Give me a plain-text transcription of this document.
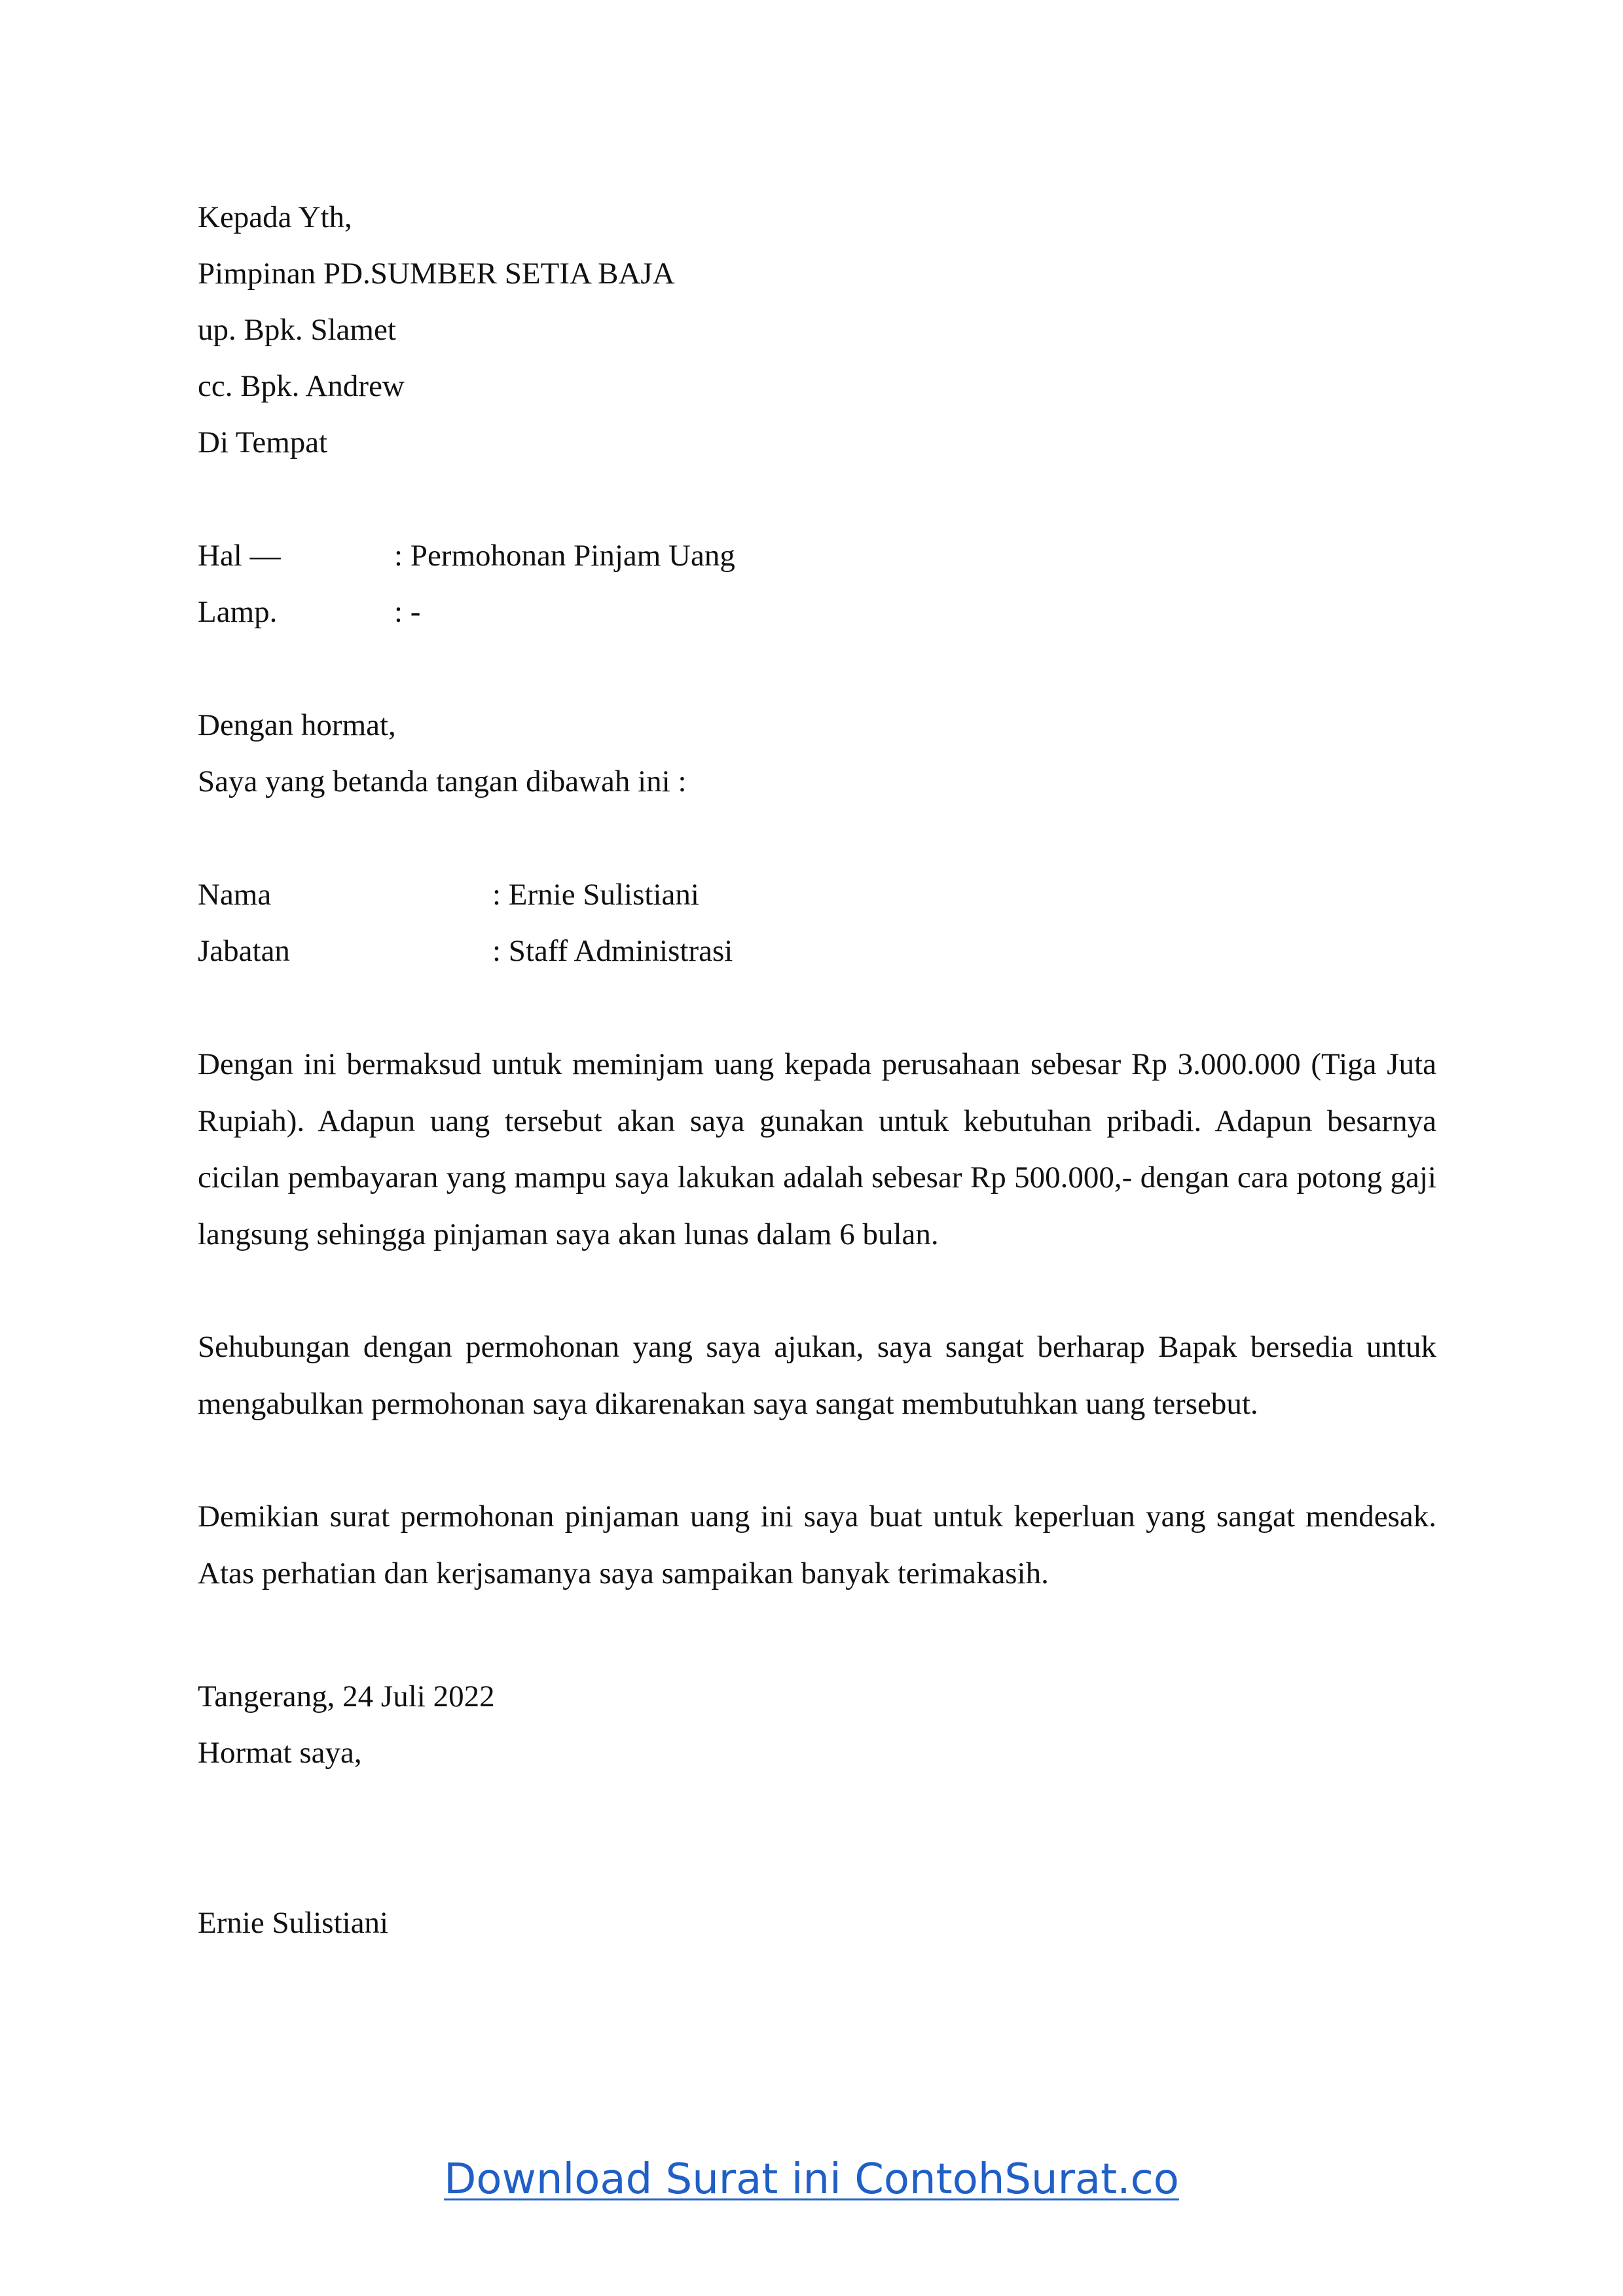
Kepada Yth,
Pimpinan PD.SUMBER SETIA BAJA
up. Bpk. Slamet
cc. Bpk. Andrew
Di Tempat
Hal —	: Permohonan Pinjam Uang
Lamp.	: -
Dengan hormat,
Saya yang betanda tangan dibawah ini :
Nama	: Ernie Sulistiani
Jabatan	: Staff Administrasi
Dengan ini bermaksud untuk meminjam uang kepada perusahaan sebesar Rp 3.000.000 (Tiga Juta Rupiah). Adapun uang tersebut akan saya gunakan untuk kebutuhan pribadi. Adapun besarnya cicilan pembayaran yang mampu saya lakukan adalah sebesar Rp 500.000,- dengan cara potong gaji langsung sehingga pinjaman saya akan lunas dalam 6 bulan.
Sehubungan dengan permohonan yang saya ajukan, saya sangat berharap Bapak bersedia untuk mengabulkan permohonan saya dikarenakan saya sangat membutuhkan uang tersebut.
Demikian surat permohonan pinjaman uang ini saya buat untuk keperluan yang sangat mendesak. Atas perhatian dan kerjsamanya saya sampaikan banyak terimakasih.
Tangerang, 24 Juli 2022
Hormat saya,
Ernie Sulistiani
Download Surat ini ContohSurat.co
